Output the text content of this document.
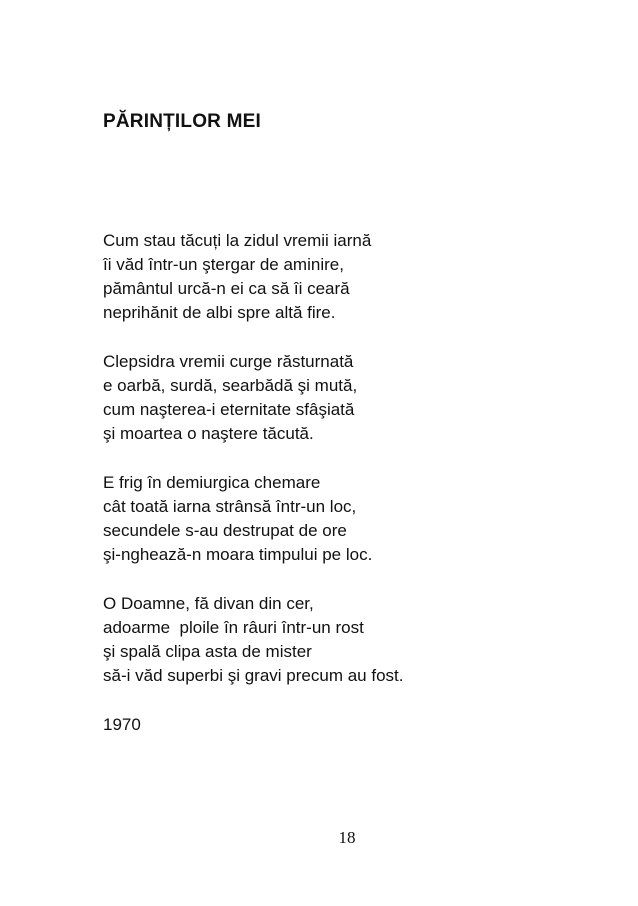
PĂRINȚILOR MEI
Cum stau tăcuți la zidul vremii iarnă
îi văd într-un ştergar de aminire,
pământul urcă-n ei ca să îi ceară
neprihănit de albi spre altă fire.
Clepsidra vremii curge răsturnată
e oarbă, surdă, searbădă şi mută,
cum naşterea-i eternitate sfâşiată
şi moartea o naştere tăcută.
E frig în demiurgica chemare
cât toată iarna strânsă într-un loc,
secundele s-au destrupat de ore
şi-nghează-n moara timpului pe loc.
O Doamne, fă divan din cer,
adoarme  ploile în râuri într-un rost
şi spală clipa asta de mister
să-i văd superbi şi gravi precum au fost.
1970
18
